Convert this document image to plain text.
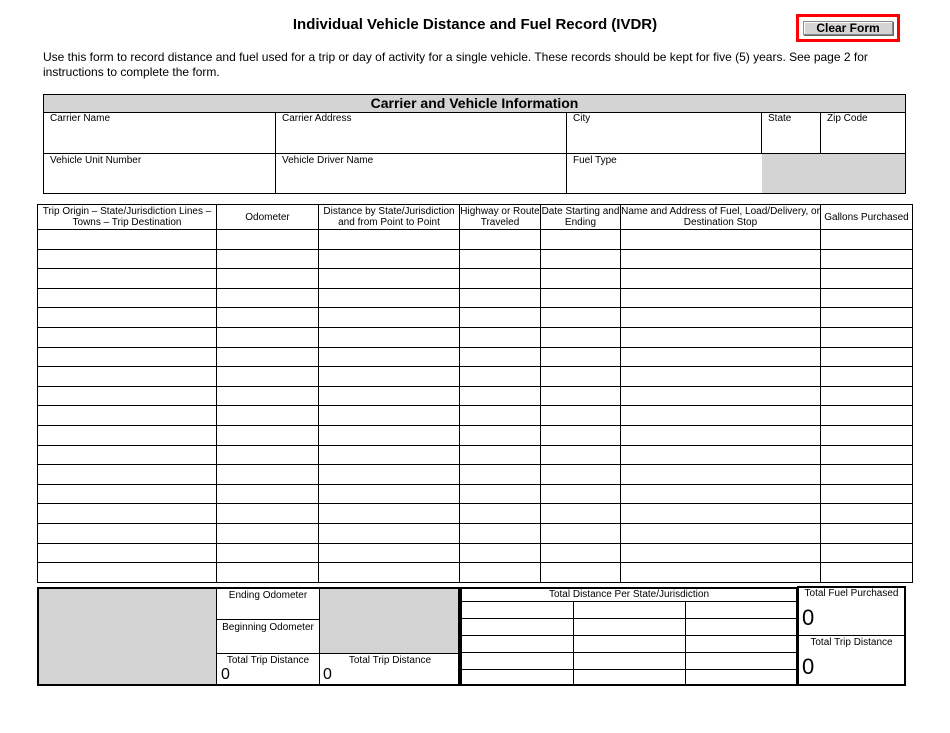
Individual Vehicle Distance and Fuel Record (IVDR)	Clear Form
Use this form to record distance and fuel used for a trip or day of activity for a single vehicle. These records should be kept for five (5) years. See page 2 for instructions to complete the form.
Carrier and Vehicle Information
Carrier Name	Carrier Address	City	State	Zip Code
Vehicle Unit Number	Vehicle Driver Name	Fuel Type
Trip Origin – State/Jurisdiction Lines – Towns – Trip Destination	Odometer	Distance by State/Jurisdiction and from Point to Point	Highway or Route Traveled	Date Starting and Ending	Name and Address of Fuel, Load/Delivery, or Destination Stop	Gallons Purchased

Ending Odometer
Beginning Odometer
Total Trip Distance
0
Total Trip Distance
0
Total Distance Per State/Jurisdiction	Total Fuel Purchased
0
Total Trip Distance
0
